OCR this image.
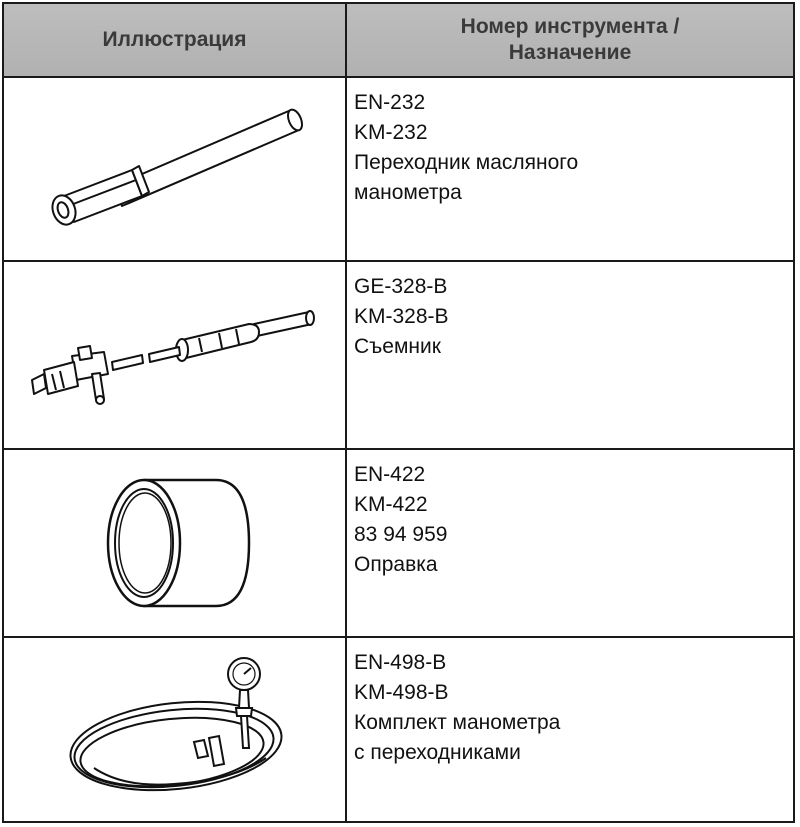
Иллюстрация
Номер инструмента /
Назначение
EN-232
KM-232
Переходник масляного
манометра
GE-328-B
KM-328-B
Съемник
EN-422
KM-422
83 94 959
Оправка
EN-498-B
KM-498-B
Комплект манометра
с переходниками
